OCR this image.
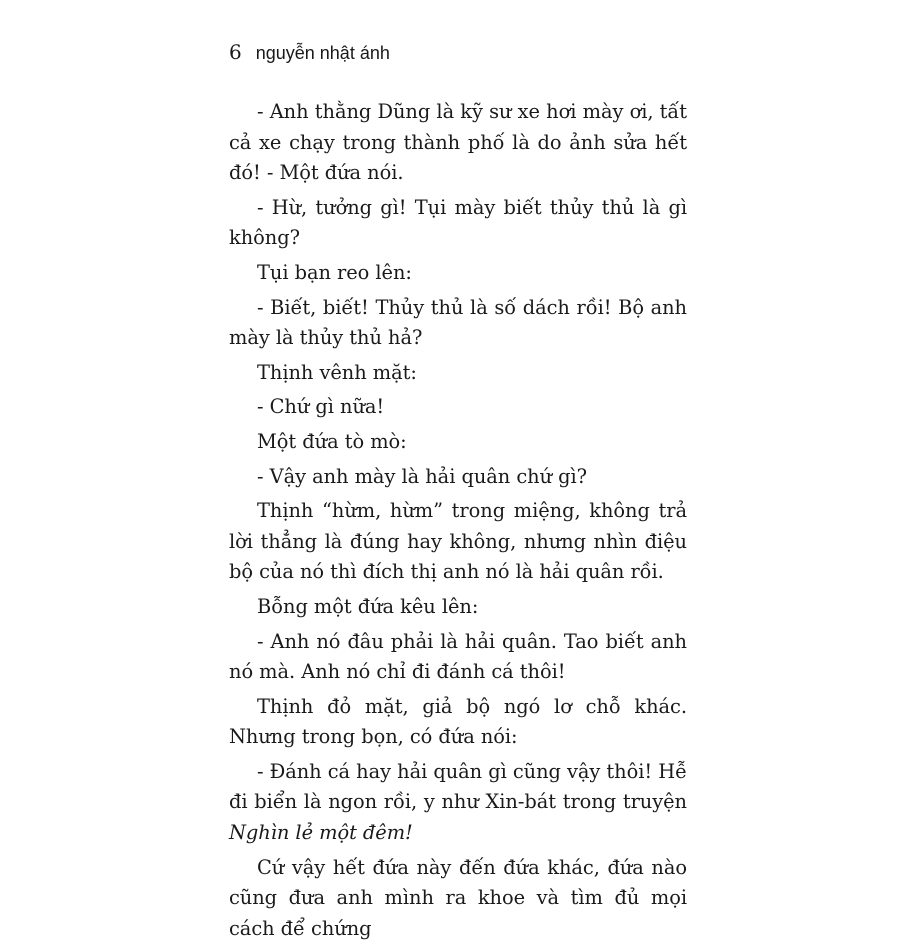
6 nguyễn nhật ánh

- Anh thằng Dũng là kỹ sư xe hơi mày ơi, tất cả xe chạy trong thành phố là do ảnh sửa hết đó! - Một đứa nói.

- Hừ, tưởng gì! Tụi mày biết thủy thủ là gì không?

Tụi bạn reo lên:

- Biết, biết! Thủy thủ là số dách rồi! Bộ anh mày là thủy thủ hả?

Thịnh vênh mặt:

- Chứ gì nữa!

Một đứa tò mò:

- Vậy anh mày là hải quân chứ gì?

Thịnh “hừm, hừm” trong miệng, không trả lời thẳng là đúng hay không, nhưng nhìn điệu bộ của nó thì đích thị anh nó là hải quân rồi.

Bỗng một đứa kêu lên:

- Anh nó đâu phải là hải quân. Tao biết anh nó mà. Anh nó chỉ đi đánh cá thôi!

Thịnh đỏ mặt, giả bộ ngó lơ chỗ khác. Nhưng trong bọn, có đứa nói:

- Đánh cá hay hải quân gì cũng vậy thôi! Hễ đi biển là ngon rồi, y như Xin-bát trong truyện Nghìn lẻ một đêm!

Cứ vậy hết đứa này đến đứa khác, đứa nào cũng đưa anh mình ra khoe và tìm đủ mọi cách để chứng
